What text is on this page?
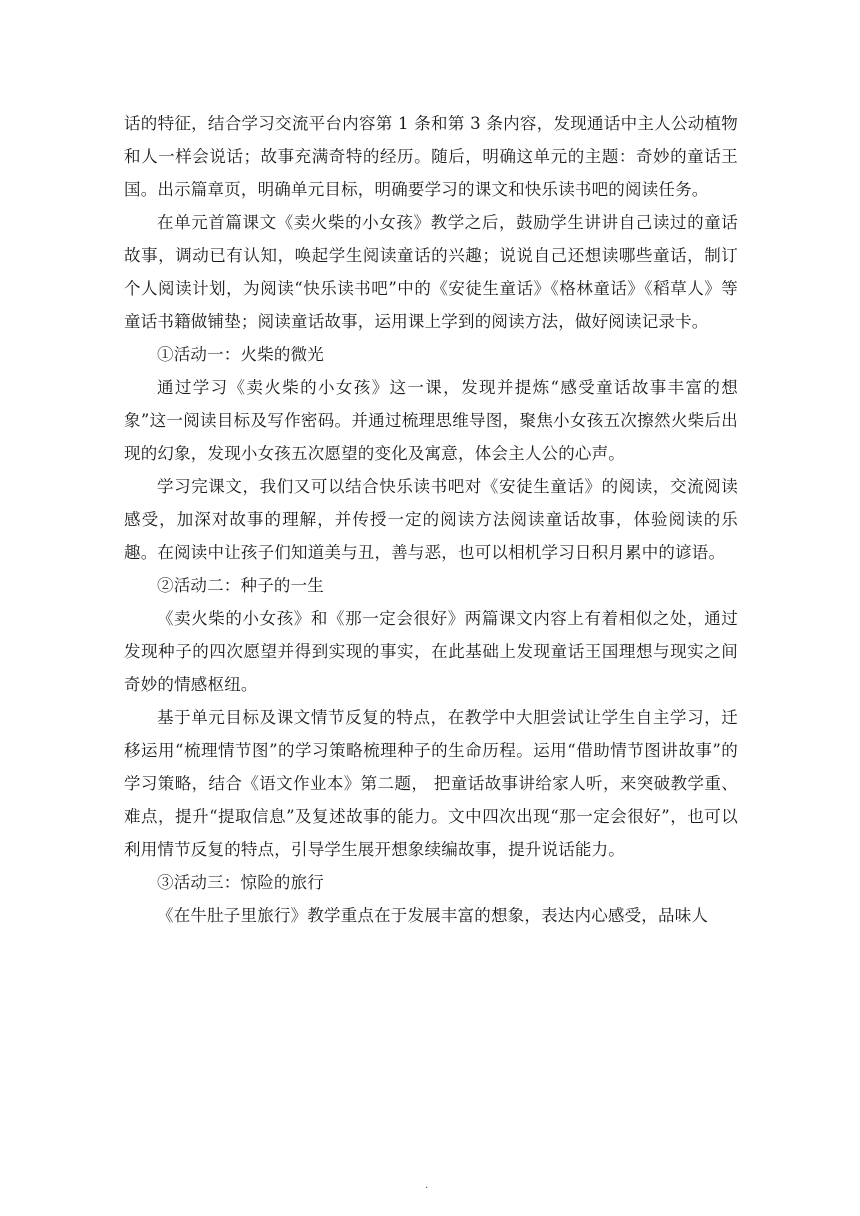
话的特征，结合学习交流平台内容第 1 条和第 3 条内容，发现通话中主人公动植物和人一样会说话；故事充满奇特的经历。随后，明确这单元的主题：奇妙的童话王国。出示篇章页，明确单元目标，明确要学习的课文和快乐读书吧的阅读任务。

在单元首篇课文《卖火柴的小女孩》教学之后，鼓励学生讲讲自己读过的童话故事，调动已有认知，唤起学生阅读童话的兴趣；说说自己还想读哪些童话，制订个人阅读计划，为阅读“快乐读书吧”中的《安徒生童话》《格林童话》《稻草人》等童话书籍做铺垫；阅读童话故事，运用课上学到的阅读方法，做好阅读记录卡。

①活动一：火柴的微光

通过学习《卖火柴的小女孩》这一课，发现并提炼“感受童话故事丰富的想象”这一阅读目标及写作密码。并通过梳理思维导图，聚焦小女孩五次擦然火柴后出现的幻象，发现小女孩五次愿望的变化及寓意，体会主人公的心声。

学习完课文，我们又可以结合快乐读书吧对《安徒生童话》的阅读，交流阅读感受，加深对故事的理解，并传授一定的阅读方法阅读童话故事，体验阅读的乐趣。在阅读中让孩子们知道美与丑，善与恶，也可以相机学习日积月累中的谚语。

②活动二：种子的一生

《卖火柴的小女孩》和《那一定会很好》两篇课文内容上有着相似之处，通过发现种子的四次愿望并得到实现的事实，在此基础上发现童话王国理想与现实之间奇妙的情感枢纽。

基于单元目标及课文情节反复的特点，在教学中大胆尝试让学生自主学习，迁移运用“梳理情节图”的学习策略梳理种子的生命历程。运用“借助情节图讲故事”的学习策略，结合《语文作业本》第二题， 把童话故事讲给家人听，来突破教学重、难点，提升“提取信息”及复述故事的能力。文中四次出现“那一定会很好”，也可以利用情节反复的特点，引导学生展开想象续编故事，提升说话能力。

③活动三：惊险的旅行

《在牛肚子里旅行》教学重点在于发展丰富的想象，表达内心感受，品味人

.
